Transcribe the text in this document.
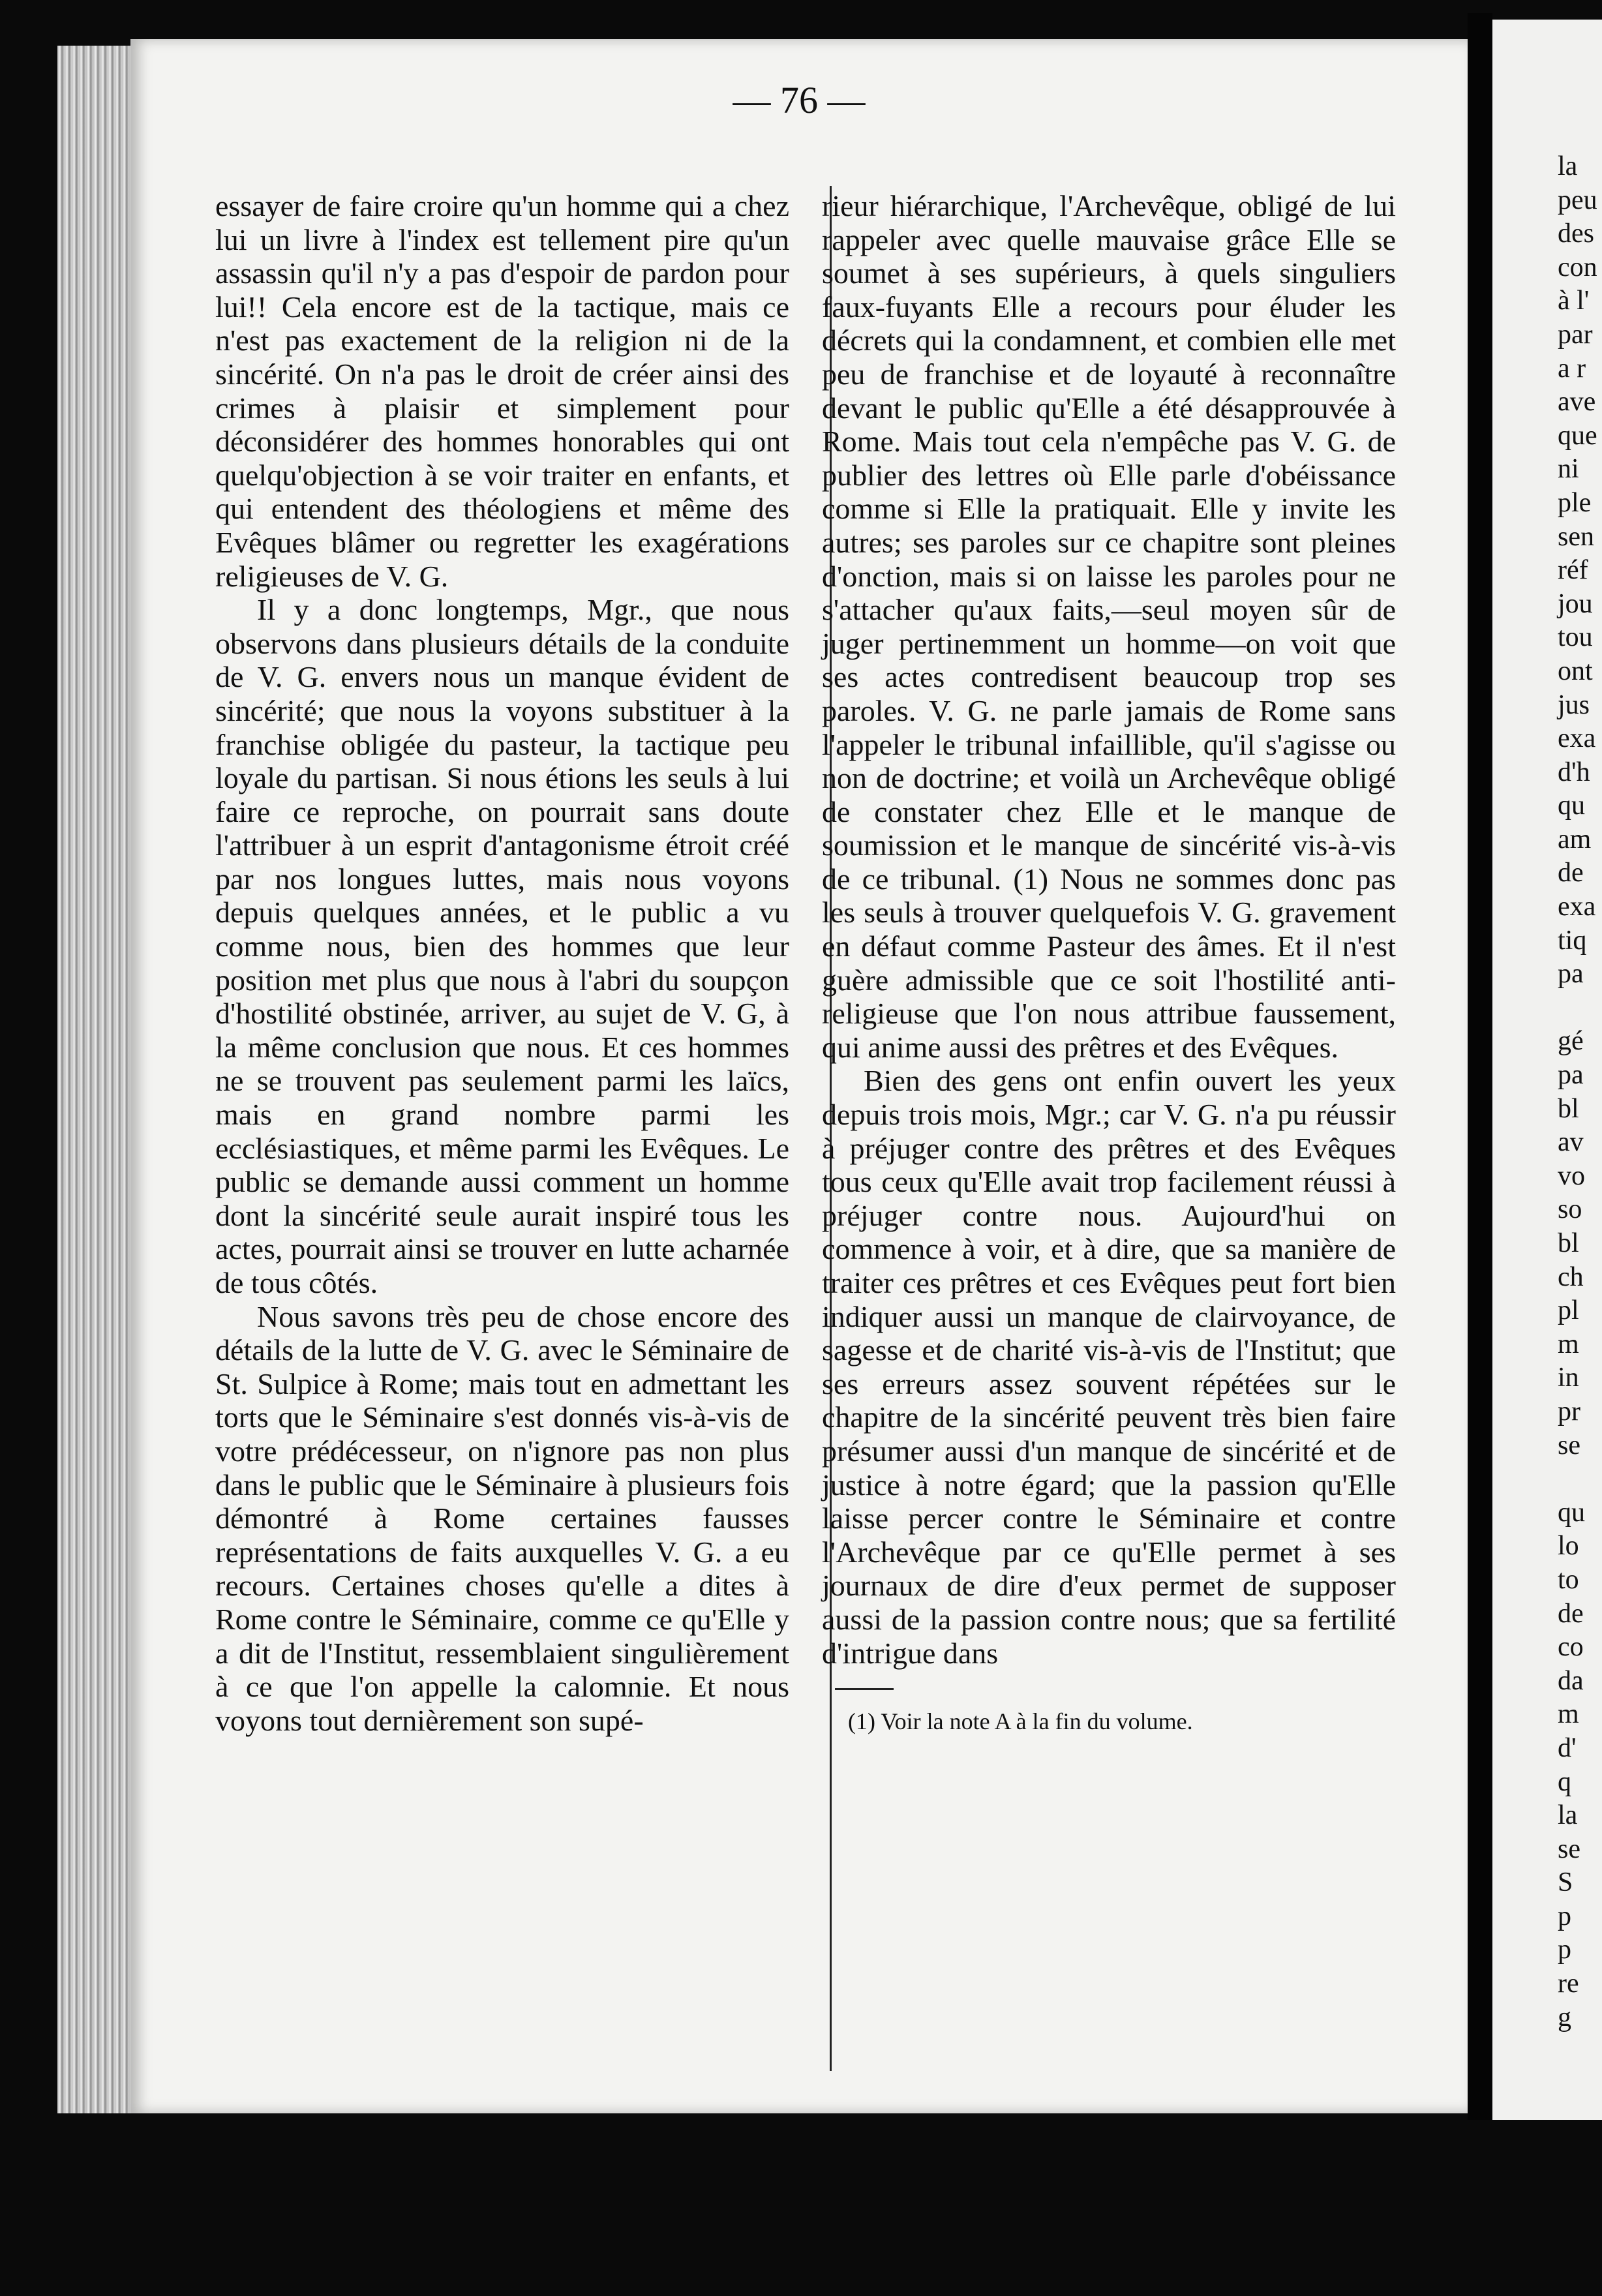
— 76 —

essayer de faire croire qu'un homme qui a chez lui un livre à l'index est tellement pire qu'un assassin qu'il n'y a pas d'espoir de pardon pour lui!! Cela encore est de la tactique, mais ce n'est pas exactement de la religion ni de la sincérité. On n'a pas le droit de créer ainsi des crimes à plaisir et simplement pour déconsidérer des hommes honorables qui ont quelqu'objection à se voir traiter en enfants, et qui entendent des théologiens et même des Evêques blâmer ou regretter les exagérations religieuses de V. G.

Il y a donc longtemps, Mgr., que nous observons dans plusieurs détails de la conduite de V. G. envers nous un manque évident de sincérité; que nous la voyons substituer à la franchise obligée du pasteur, la tactique peu loyale du partisan. Si nous étions les seuls à lui faire ce reproche, on pourrait sans doute l'attribuer à un esprit d'antagonisme étroit créé par nos longues luttes, mais nous voyons depuis quelques années, et le public a vu comme nous, bien des hommes que leur position met plus que nous à l'abri du soupçon d'hostilité obstinée, arriver, au sujet de V. G, à la même conclusion que nous. Et ces hommes ne se trouvent pas seulement parmi les laïcs, mais en grand nombre parmi les ecclésiastiques, et même parmi les Evêques. Le public se demande aussi comment un homme dont la sincérité seule aurait inspiré tous les actes, pourrait ainsi se trouver en lutte acharnée de tous côtés.

Nous savons très peu de chose encore des détails de la lutte de V. G. avec le Séminaire de St. Sulpice à Rome; mais tout en admettant les torts que le Séminaire s'est donnés vis-à-vis de votre prédécesseur, on n'ignore pas non plus dans le public que le Séminaire à plusieurs fois démontré à Rome certaines fausses représentations de faits auxquelles V. G. a eu recours. Certaines choses qu'elle a dites à Rome contre le Séminaire, comme ce qu'Elle y a dit de l'Institut, ressemblaient singulièrement à ce que l'on appelle la calomnie. Et nous voyons tout dernièrement son supé-

rieur hiérarchique, l'Archevêque, obligé de lui rappeler avec quelle mauvaise grâce Elle se soumet à ses supérieurs, à quels singuliers faux-fuyants Elle a recours pour éluder les décrets qui la condamnent, et combien elle met peu de franchise et de loyauté à reconnaître devant le public qu'Elle a été désapprouvée à Rome. Mais tout cela n'empêche pas V. G. de publier des lettres où Elle parle d'obéissance comme si Elle la pratiquait. Elle y invite les autres; ses paroles sur ce chapitre sont pleines d'onction, mais si on laisse les paroles pour ne s'attacher qu'aux faits,—seul moyen sûr de juger pertinemment un homme—on voit que ses actes contredisent beaucoup trop ses paroles. V. G. ne parle jamais de Rome sans l'appeler le tribunal infaillible, qu'il s'agisse ou non de doctrine; et voilà un Archevêque obligé de constater chez Elle et le manque de soumission et le manque de sincérité vis-à-vis de ce tribunal. (1) Nous ne sommes donc pas les seuls à trouver quelquefois V. G. gravement en défaut comme Pasteur des âmes. Et il n'est guère admissible que ce soit l'hostilité anti-religieuse que l'on nous attribue faussement, qui anime aussi des prêtres et des Evêques.

Bien des gens ont enfin ouvert les yeux depuis trois mois, Mgr.; car V. G. n'a pu réussir à préjuger contre des prêtres et des Evêques tous ceux qu'Elle avait trop facilement réussi à préjuger contre nous. Aujourd'hui on commence à voir, et à dire, que sa manière de traiter ces prêtres et ces Evêques peut fort bien indiquer aussi un manque de clairvoyance, de sagesse et de charité vis-à-vis de l'Institut; que ses erreurs assez souvent répétées sur le chapitre de la sincérité peuvent très bien faire présumer aussi d'un manque de sincérité et de justice à notre égard; que la passion qu'Elle laisse percer contre le Séminaire et contre l'Archevêque par ce qu'Elle permet à ses journaux de dire d'eux permet de supposer aussi de la passion contre nous; que sa fertilité d'intrigue dans

(1) Voir la note A à la fin du volume.
la
peu
des
con
à l'
par
a r
ave
que
ni
ple
sen
réf
jou
tou
ont
jus
exa
d'h
qu
am
de
exa
tiq
pa
gé
pa
bl
av
vo
so
bl
ch
pl
m
in
pr
se
qu
lo
to
de
co
da
m
d'
q
la
se
S
p
p
re
g
